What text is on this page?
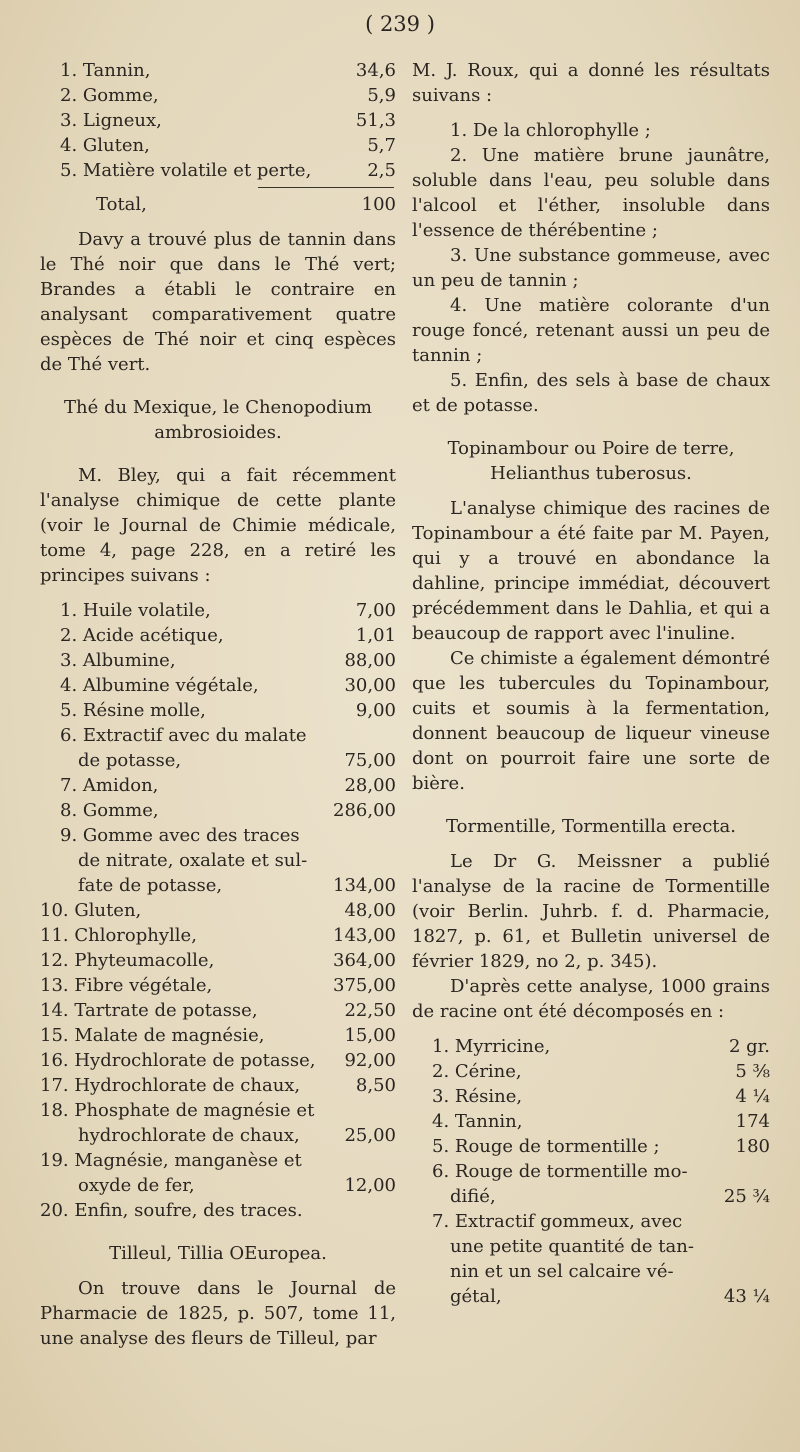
( 239 )
1. Tannin,	34,6
2. Gomme,	5,9
3. Ligneux,	51,3
4. Gluten,	5,7
5. Matière volatile et perte,	2,5
Total,	100

Davy a trouvé plus de tannin dans le Thé noir que dans le Thé vert; Brandes a établi le contraire en analysant comparativement quatre espèces de Thé noir et cinq espèces de Thé vert.

Thé du Mexique, le Chenopodium ambrosioides.

M. Bley, qui a fait récemment l'analyse chimique de cette plante (voir le Journal de Chimie médicale, tome 4, page 228, en a retiré les principes suivans :

1. Huile volatile,	7,00
2. Acide acétique,	1,01
3. Albumine,	88,00
4. Albumine végétale,	30,00
5. Résine molle,	9,00
6. Extractif avec du malate
de potasse,	75,00
7. Amidon,	28,00
8. Gomme,	286,00
9. Gomme avec des traces
de nitrate, oxalate et sul-
fate de potasse,	134,00
10. Gluten,	48,00
11. Chlorophylle,	143,00
12. Phyteumacolle,	364,00
13. Fibre végétale,	375,00
14. Tartrate de potasse,	22,50
15. Malate de magnésie,	15,00
16. Hydrochlorate de potasse,	92,00
17. Hydrochlorate de chaux,	8,50
18. Phosphate de magnésie et
hydrochlorate de chaux,	25,00
19. Magnésie, manganèse et
oxyde de fer,	12,00
20. Enfin, soufre, des traces.

Tilleul, Tillia OEuropea.

On trouve dans le Journal de Pharmacie de 1825, p. 507, tome 11, une analyse des fleurs de Tilleul, par

M. J. Roux, qui a donné les résultats suivans :

1. De la chlorophylle ;

2. Une matière brune jaunâtre, soluble dans l'eau, peu soluble dans l'alcool et l'éther, insoluble dans l'essence de thérébentine ;

3. Une substance gommeuse, avec un peu de tannin ;

4. Une matière colorante d'un rouge foncé, retenant aussi un peu de tannin ;

5. Enfin, des sels à base de chaux et de potasse.

Topinambour ou Poire de terre, Helianthus tuberosus.

L'analyse chimique des racines de Topinambour a été faite par M. Payen, qui y a trouvé en abondance la dahline, principe immédiat, découvert précédemment dans le Dahlia, et qui a beaucoup de rapport avec l'inuline.

Ce chimiste a également démontré que les tubercules du Topinambour, cuits et soumis à la fermentation, donnent beaucoup de liqueur vineuse dont on pourroit faire une sorte de bière.

Tormentille, Tormentilla erecta.

Le Dr G. Meissner a publié l'analyse de la racine de Tormentille (voir Berlin. Juhrb. f. d. Pharmacie, 1827, p. 61, et Bulletin universel de février 1829, no 2, p. 345).

D'après cette analyse, 1000 grains de racine ont été décomposés en :

1. Myrricine,	2 gr.
2. Cérine,	5 ⅜
3. Résine,	4 ¼
4. Tannin,	174
5. Rouge de tormentille ;	180
6. Rouge de tormentille mo-
difié,	25 ¾
7. Extractif gommeux, avec
une petite quantité de tan-
nin et un sel calcaire vé-
gétal,	43 ¼
